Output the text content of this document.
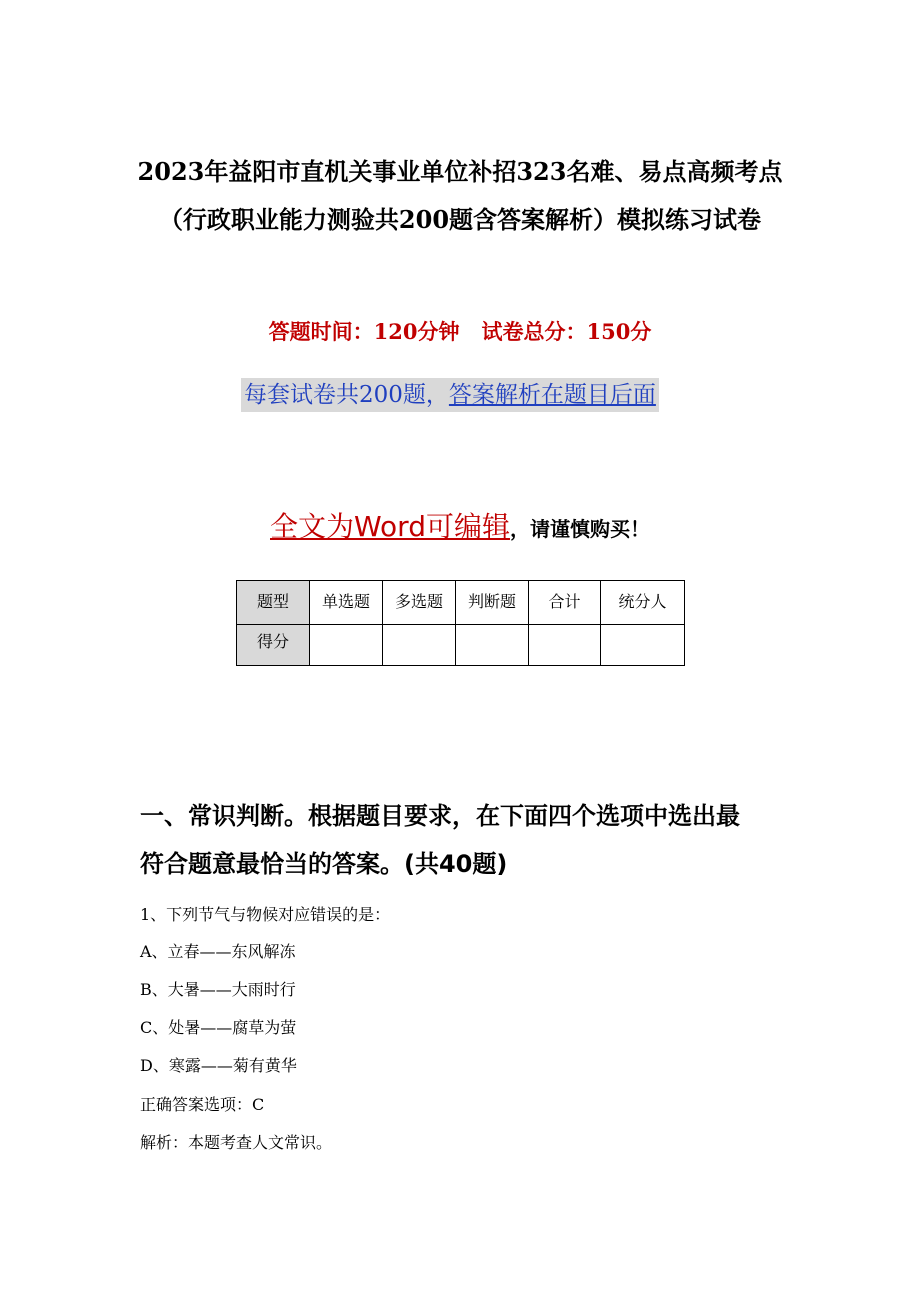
2023年益阳市直机关事业单位补招323名难、易点高频考点
（行政职业能力测验共200题含答案解析）模拟练习试卷
答题时间：120分钟 试卷总分：150分
每套试卷共200题，答案解析在题目后面
全文为Word可编辑，请谨慎购买！
题型	单选题	多选题	判断题	合计	统分人
得分					
一、常识判断。根据题目要求，在下面四个选项中选出最
符合题意最恰当的答案。(共40题)
1、下列节气与物候对应错误的是：
A、立春——东风解冻
B、大暑——大雨时行
C、处暑——腐草为萤
D、寒露——菊有黄华
正确答案选项：C
解析：本题考查人文常识。
